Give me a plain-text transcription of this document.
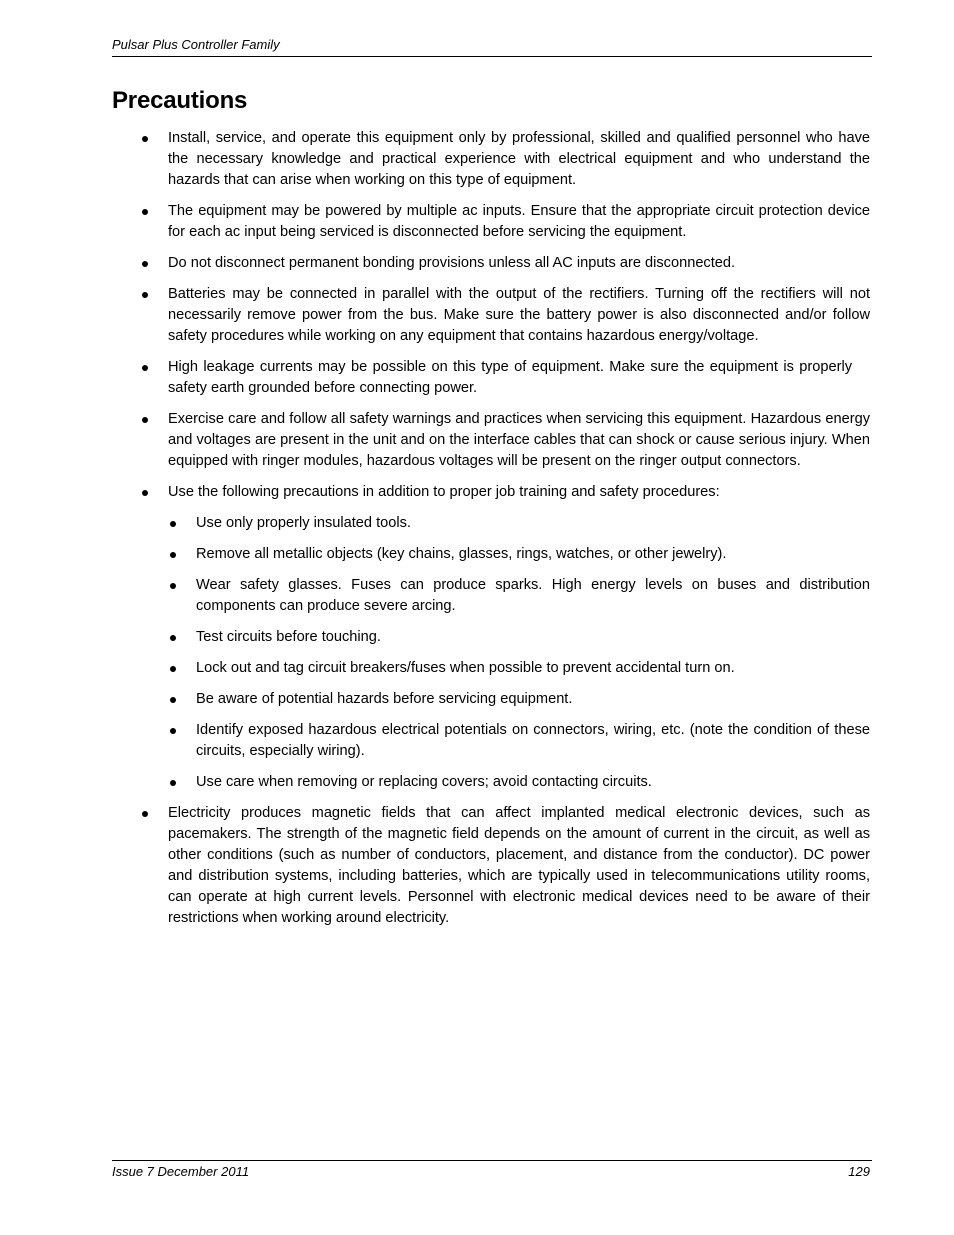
Pulsar Plus Controller Family
Precautions
Install, service, and operate this equipment only by professional, skilled and qualified personnel who have the necessary knowledge and practical experience with electrical equipment and who understand the hazards that can arise when working on this type of equipment.
The equipment may be powered by multiple ac inputs. Ensure that the appropriate circuit protection device for each ac input being serviced is disconnected before servicing the equipment.
Do not disconnect permanent bonding provisions unless all AC inputs are disconnected.
Batteries may be connected in parallel with the output of the rectifiers. Turning off the rectifiers will not necessarily remove power from the bus. Make sure the battery power is also disconnected and/or follow safety procedures while working on any equipment that contains hazardous energy/voltage.
High leakage currents may be possible on this type of equipment. Make sure the equipment is properly safety earth grounded before connecting power.
Exercise care and follow all safety warnings and practices when servicing this equipment. Hazardous energy and voltages are present in the unit and on the interface cables that can shock or cause serious injury. When equipped with ringer modules, hazardous voltages will be present on the ringer output connectors.
Use the following precautions in addition to proper job training and safety procedures:
Use only properly insulated tools.
Remove all metallic objects (key chains, glasses, rings, watches, or other jewelry).
Wear safety glasses. Fuses can produce sparks. High energy levels on buses and distribution components can produce severe arcing.
Test circuits before touching.
Lock out and tag circuit breakers/fuses when possible to prevent accidental turn on.
Be aware of potential hazards before servicing equipment.
Identify exposed hazardous electrical potentials on connectors, wiring, etc. (note the condition of these circuits, especially wiring).
Use care when removing or replacing covers; avoid contacting circuits.
Electricity produces magnetic fields that can affect implanted medical electronic devices, such as pacemakers. The strength of the magnetic field depends on the amount of current in the circuit, as well as other conditions (such as number of conductors, placement, and distance from the conductor). DC power and distribution systems, including batteries, which are typically used in telecommunications utility rooms, can operate at high current levels. Personnel with electronic medical devices need to be aware of their restrictions when working around electricity.
Issue 7 December 2011	129
